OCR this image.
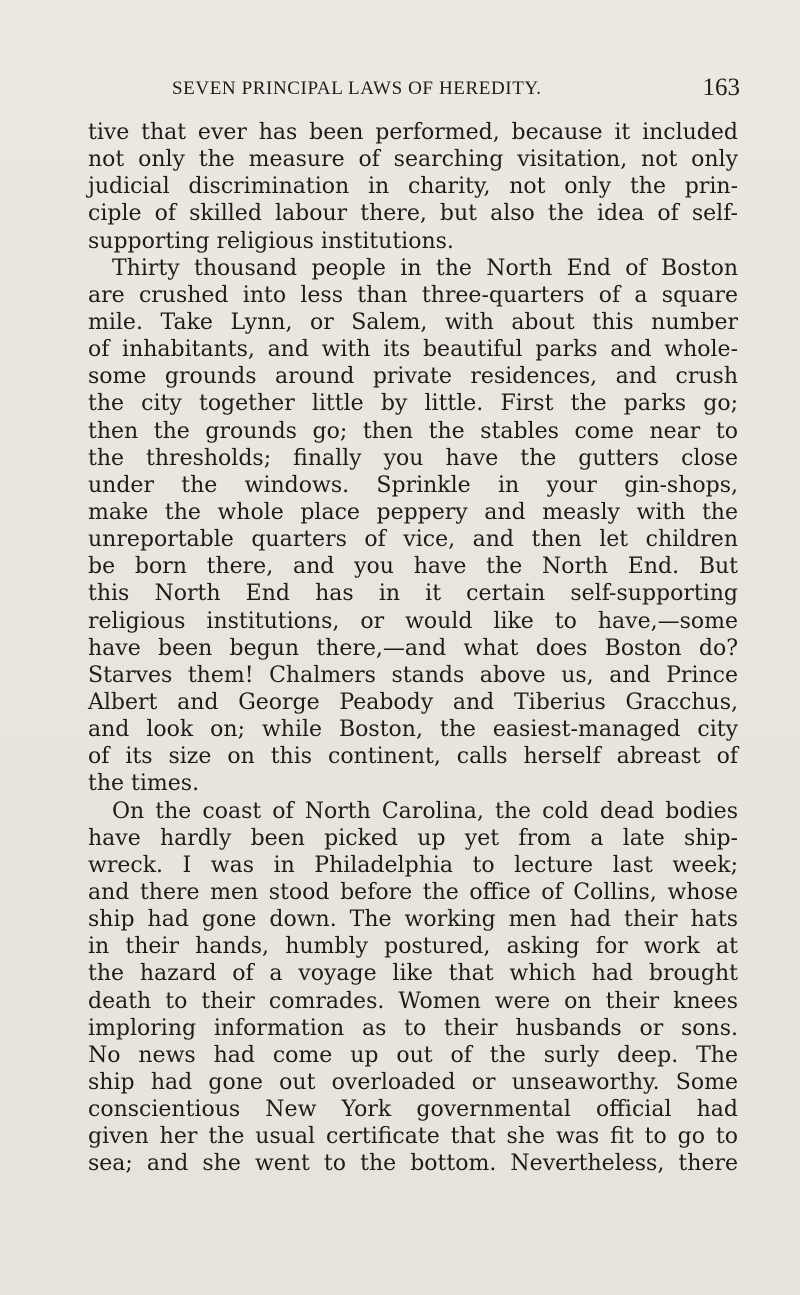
SEVEN PRINCIPAL LAWS OF HEREDITY.	163
tive that ever has been performed, because it included
not only the measure of searching visitation, not only
judicial discrimination in charity, not only the prin-
ciple of skilled labour there, but also the idea of self-
supporting religious institutions.
Thirty thousand people in the North End of Boston
are crushed into less than three-quarters of a square
mile. Take Lynn, or Salem, with about this number
of inhabitants, and with its beautiful parks and whole-
some grounds around private residences, and crush
the city together little by little. First the parks go;
then the grounds go; then the stables come near to
the thresholds; finally you have the gutters close
under the windows. Sprinkle in your gin-shops,
make the whole place peppery and measly with the
unreportable quarters of vice, and then let children
be born there, and you have the North End. But
this North End has in it certain self-supporting
religious institutions, or would like to have,—some
have been begun there,—and what does Boston do?
Starves them! Chalmers stands above us, and Prince
Albert and George Peabody and Tiberius Gracchus,
and look on; while Boston, the easiest-managed city
of its size on this continent, calls herself abreast of
the times.
On the coast of North Carolina, the cold dead bodies
have hardly been picked up yet from a late ship-
wreck. I was in Philadelphia to lecture last week;
and there men stood before the office of Collins, whose
ship had gone down. The working men had their hats
in their hands, humbly postured, asking for work at
the hazard of a voyage like that which had brought
death to their comrades. Women were on their knees
imploring information as to their husbands or sons.
No news had come up out of the surly deep. The
ship had gone out overloaded or unseaworthy. Some
conscientious New York governmental official had
given her the usual certificate that she was fit to go to
sea; and she went to the bottom. Nevertheless, there
